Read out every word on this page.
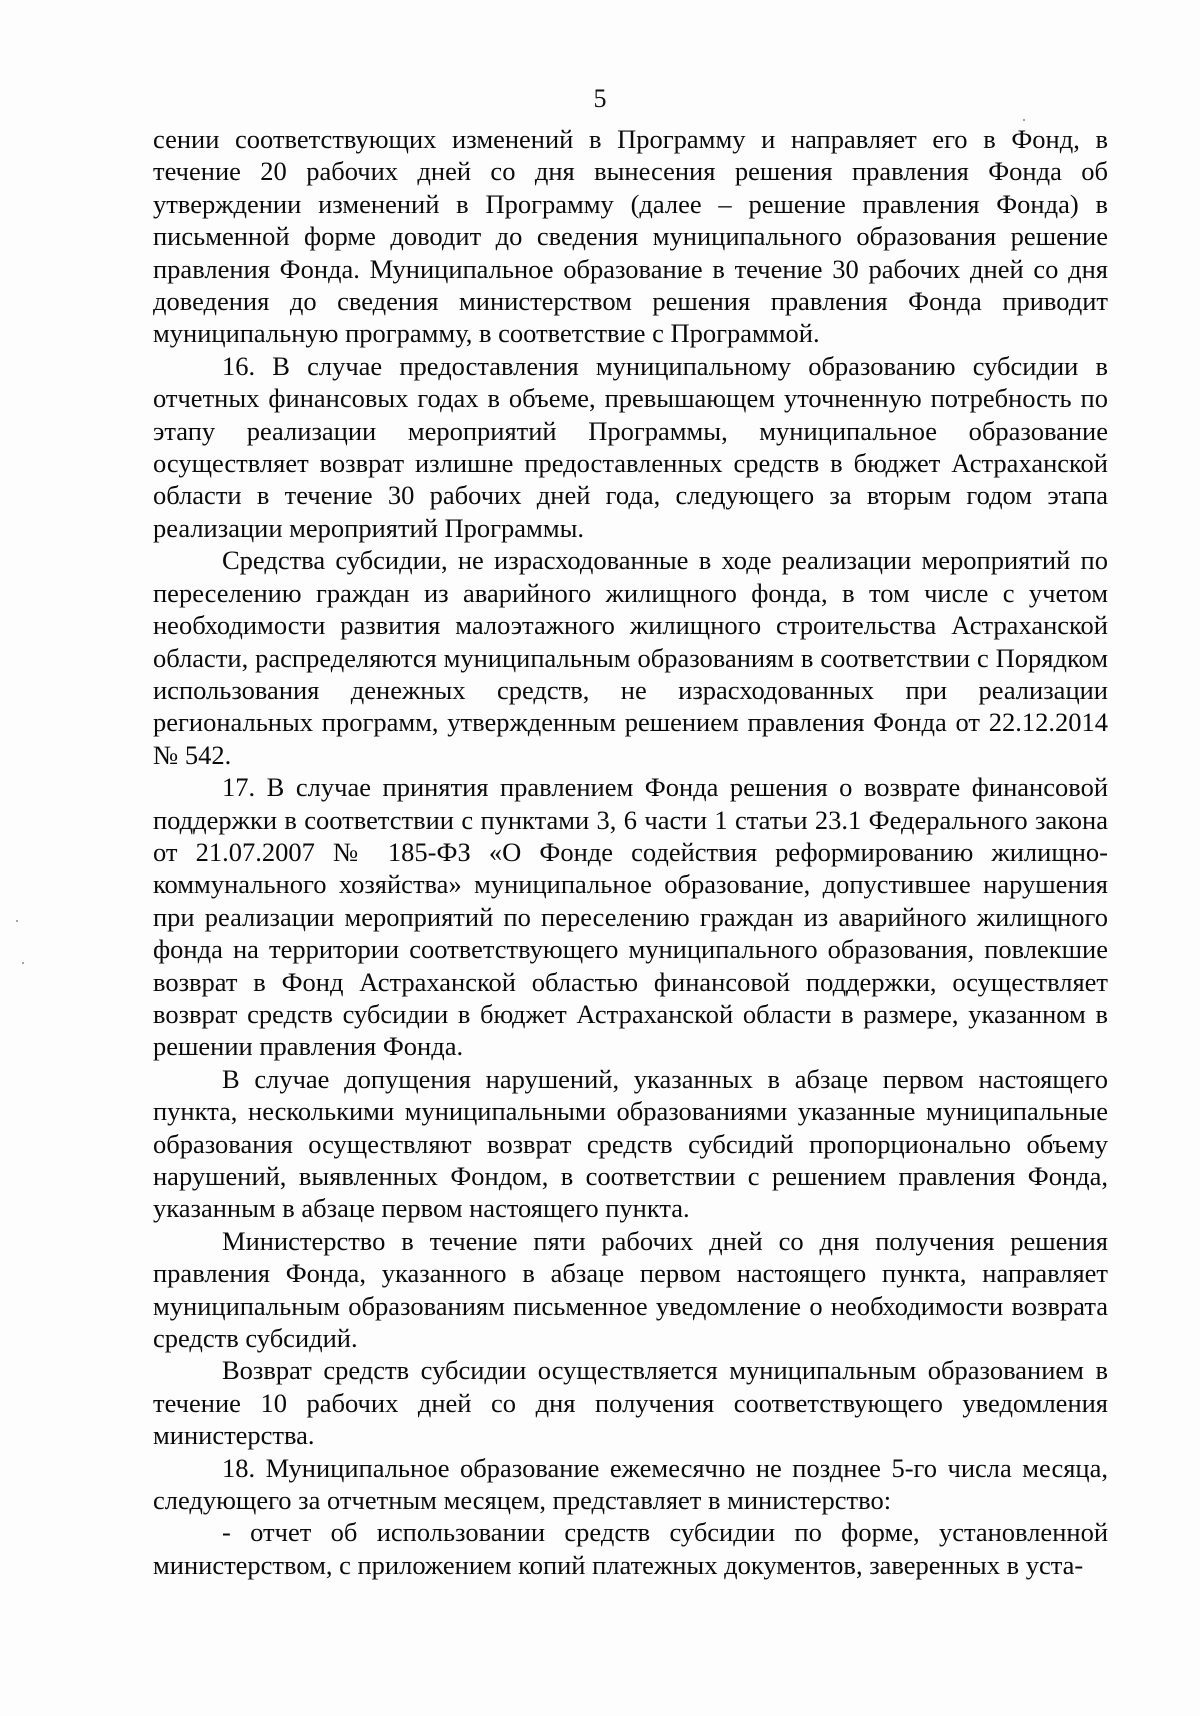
5

сении соответствующих изменений в Программу и направляет его в Фонд, в течение 20 рабочих дней со дня вынесения решения правления Фонда об утверждении изменений в Программу (далее – решение правления Фонда) в письменной форме доводит до сведения муниципального образования решение правления Фонда. Муниципальное образование в течение 30 рабочих дней со дня доведения до сведения министерством решения правления Фонда приводит муниципальную программу, в соответствие с Программой.

16. В случае предоставления муниципальному образованию субсидии в отчетных финансовых годах в объеме, превышающем уточненную потребность по этапу реализации мероприятий Программы, муниципальное образование осуществляет возврат излишне предоставленных средств в бюджет Астраханской области в течение 30 рабочих дней года, следующего за вторым годом этапа реализации мероприятий Программы.

Средства субсидии, не израсходованные в ходе реализации мероприятий по переселению граждан из аварийного жилищного фонда, в том числе с учетом необходимости развития малоэтажного жилищного строительства Астраханской области, распределяются муниципальным образованиям в соответствии с Порядком использования денежных средств, не израсходованных при реализации региональных программ, утвержденным решением правления Фонда от 22.12.2014 № 542.

17. В случае принятия правлением Фонда решения о возврате финансовой поддержки в соответствии с пунктами 3, 6 части 1 статьи 23.1 Федерального закона от 21.07.2007 № 185-ФЗ «О Фонде содействия реформированию жилищно-коммунального хозяйства» муниципальное образование, допустившее нарушения при реализации мероприятий по переселению граждан из аварийного жилищного фонда на территории соответствующего муниципального образования, повлекшие возврат в Фонд Астраханской областью финансовой поддержки, осуществляет возврат средств субсидии в бюджет Астраханской области в размере, указанном в решении правления Фонда.

В случае допущения нарушений, указанных в абзаце первом настоящего пункта, несколькими муниципальными образованиями указанные муниципальные образования осуществляют возврат средств субсидий пропорционально объему нарушений, выявленных Фондом, в соответствии с решением правления Фонда, указанным в абзаце первом настоящего пункта.

Министерство в течение пяти рабочих дней со дня получения решения правления Фонда, указанного в абзаце первом настоящего пункта, направляет муниципальным образованиям письменное уведомление о необходимости возврата средств субсидий.

Возврат средств субсидии осуществляется муниципальным образованием в течение 10 рабочих дней со дня получения соответствующего уведомления министерства.

18. Муниципальное образование ежемесячно не позднее 5-го числа месяца, следующего за отчетным месяцем, представляет в министерство:

- отчет об использовании средств субсидии по форме, установленной министерством, с приложением копий платежных документов, заверенных в уста-
